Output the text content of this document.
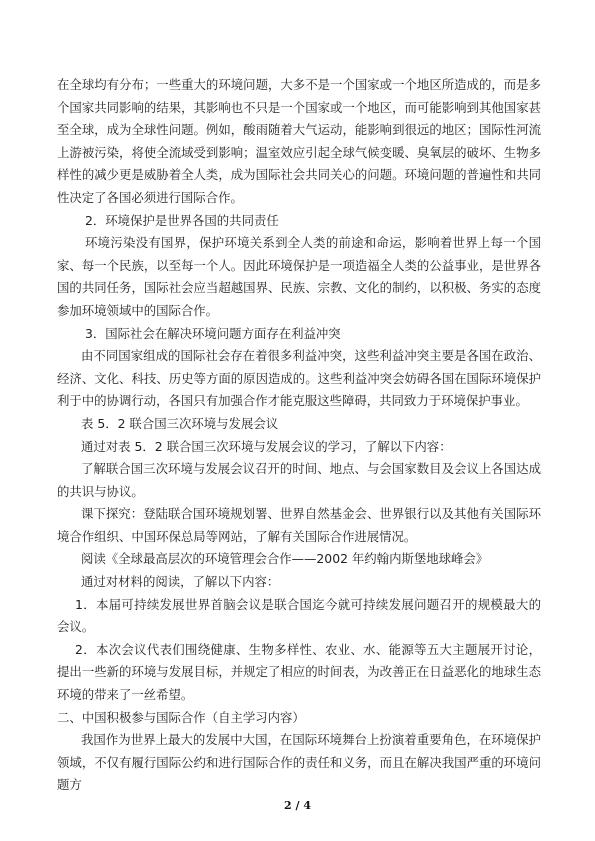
在全球均有分布；一些重大的环境问题，大多不是一个国家或一个地区所造成的，而是多个国家共同影响的结果，其影响也不只是一个国家或一个地区，而可能影响到其他国家甚至全球，成为全球性问题。例如，酸雨随着大气运动，能影响到很远的地区；国际性河流上游被污染，将使全流域受到影响；温室效应引起全球气候变暖、臭氧层的破坏、生物多样性的减少更是威胁着全人类，成为国际社会共同关心的问题。环境问题的普遍性和共同性决定了各国必须进行国际合作。

2．环境保护是世界各国的共同责任

环境污染没有国界，保护环境关系到全人类的前途和命运，影响着世界上每一个国家、每一个民族，以至每一个人。因此环境保护是一项造福全人类的公益事业，是世界各国的共同任务，国际社会应当超越国界、民族、宗教、文化的制约，以积极、务实的态度参加环境领域中的国际合作。

3．国际社会在解决环境问题方面存在利益冲突

由不同国家组成的国际社会存在着很多利益冲突，这些利益冲突主要是各国在政治、经济、文化、科技、历史等方面的原因造成的。这些利益冲突会妨碍各国在国际环境保护利于中的协调行动，各国只有加强合作才能克服这些障碍，共同致力于环境保护事业。

表 5．2 联合国三次环境与发展会议

通过对表 5．2 联合国三次环境与发展会议的学习，了解以下内容：

了解联合国三次环境与发展会议召开的时间、地点、与会国家数目及会议上各国达成的共识与协议。

课下探究：登陆联合国环境规划署、世界自然基金会、世界银行以及其他有关国际环境合作组织、中国环保总局等网站，了解有关国际合作进展情况。

阅读《全球最高层次的环境管理会合作——2002 年约翰内斯堡地球峰会》

通过对材料的阅读，了解以下内容：

1．本届可持续发展世界首脑会议是联合国迄今就可持续发展问题召开的规模最大的会议。

2．本次会议代表们围绕健康、生物多样性、农业、水、能源等五大主题展开讨论，提出一些新的环境与发展目标，并规定了相应的时间表，为改善正在日益恶化的地球生态环境的带来了一丝希望。

二、中国积极参与国际合作（自主学习内容）

我国作为世界上最大的发展中大国，在国际环境舞台上扮演着重要角色，在环境保护领域，不仅有履行国际公约和进行国际合作的责任和义务，而且在解决我国严重的环境问题方

2 / 4
